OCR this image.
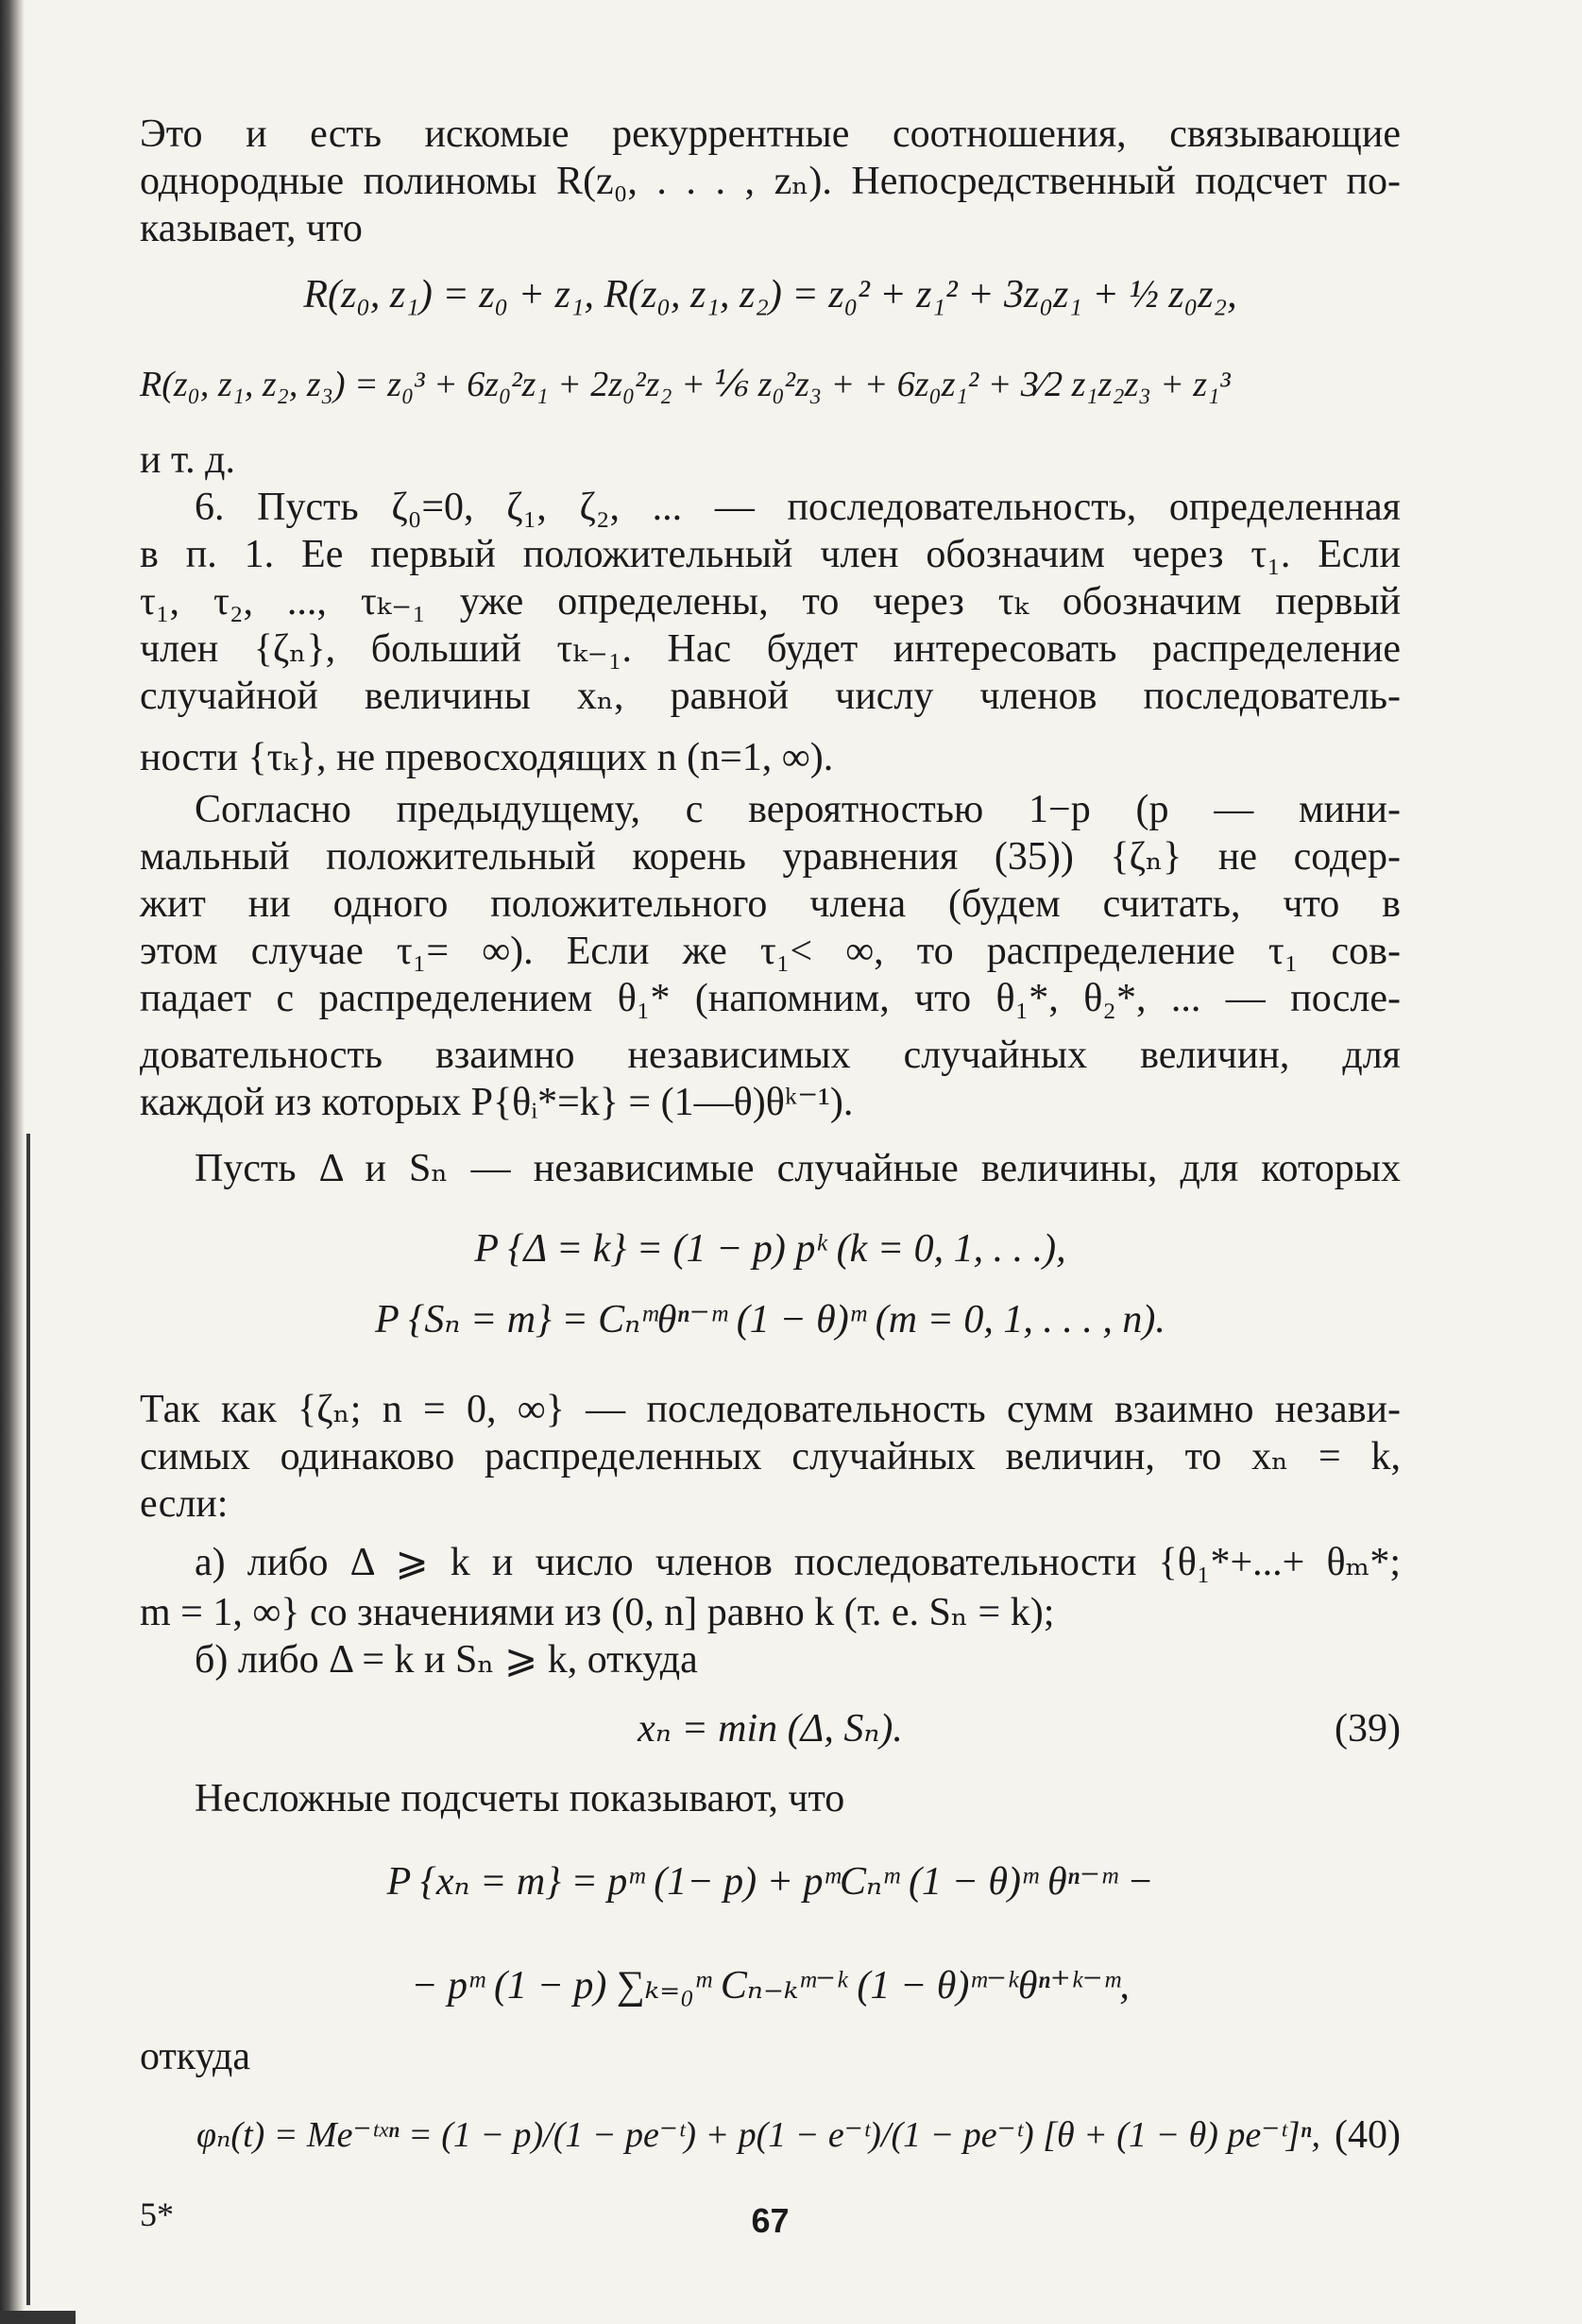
Это и есть искомые рекуррентные соотношения, связывающие
однородные полиномы R(z₀, . . . , zₙ). Непосредственный подсчет по-
казывает, что
R(z₀, z₁) = z₀ + z₁, R(z₀, z₁, z₂) = z₀² + z₁² + 3z₀z₁ + ½ z₀z₂,
R(z₀, z₁, z₂, z₃) = z₀³ + 6z₀²z₁ + 2z₀²z₂ + ⅙ z₀²z₃ + + 6z₀z₁² + 3⁄2 z₁z₂z₃ + z₁³
и т. д.
6. Пусть ζ₀=0, ζ₁, ζ₂, ... — последовательность, определенная
в п. 1. Ее первый положительный член обозначим через τ₁. Если
τ₁, τ₂, ..., τₖ₋₁ уже определены, то через τₖ обозначим первый
член {ζₙ}, больший τₖ₋₁. Нас будет интересовать распределение
случайной величины xₙ, равной числу членов последователь-
ности {τₖ}, не превосходящих n (n=1, ∞).
Согласно предыдущему, с вероятностью 1−p (p — мини-
мальный положительный корень уравнения (35)) {ζₙ} не содер-
жит ни одного положительного члена (будем считать, что в
этом случае τ₁= ∞). Если же τ₁< ∞, то распределение τ₁ сов-
падает с распределением θ₁* (напомним, что θ₁*, θ₂*, ... — после-
довательность взаимно независимых случайных величин, для
каждой из которых P{θᵢ*=k} = (1—θ)θᵏ⁻¹).
Пусть Δ и Sₙ — независимые случайные величины, для которых
P {Δ = k} = (1 − p) pᵏ (k = 0, 1, . . .),
P {Sₙ = m} = Cₙᵐθⁿ⁻ᵐ (1 − θ)ᵐ (m = 0, 1, . . . , n).
Так как {ζₙ; n = 0, ∞} — последовательность сумм взаимно незави-
симых одинаково распределенных случайных величин, то xₙ = k,
если:
а) либо Δ ⩾ k и число членов последовательности {θ₁*+...+ θₘ*;
m = 1, ∞} со значениями из (0, n] равно k (т. е. Sₙ = k);
б) либо Δ = k и Sₙ ⩾ k, откуда
xₙ = min (Δ, Sₙ).	(39)
Несложные подсчеты показывают, что
P {xₙ = m} = pᵐ (1− p) + pᵐCₙᵐ (1 − θ)ᵐ θⁿ⁻ᵐ −
− pᵐ (1 − p) ∑ₖ₌₀ᵐ Cₙ₋ₖᵐ⁻ᵏ (1 − θ)ᵐ⁻ᵏθⁿ⁺ᵏ⁻ᵐ,
откуда
φₙ(t) = Me⁻ᵗˣⁿ = (1 − p)/(1 − pe⁻ᵗ) + p(1 − e⁻ᵗ)/(1 − pe⁻ᵗ) [θ + (1 − θ) pe⁻ᵗ]ⁿ, (40)
5*	67
